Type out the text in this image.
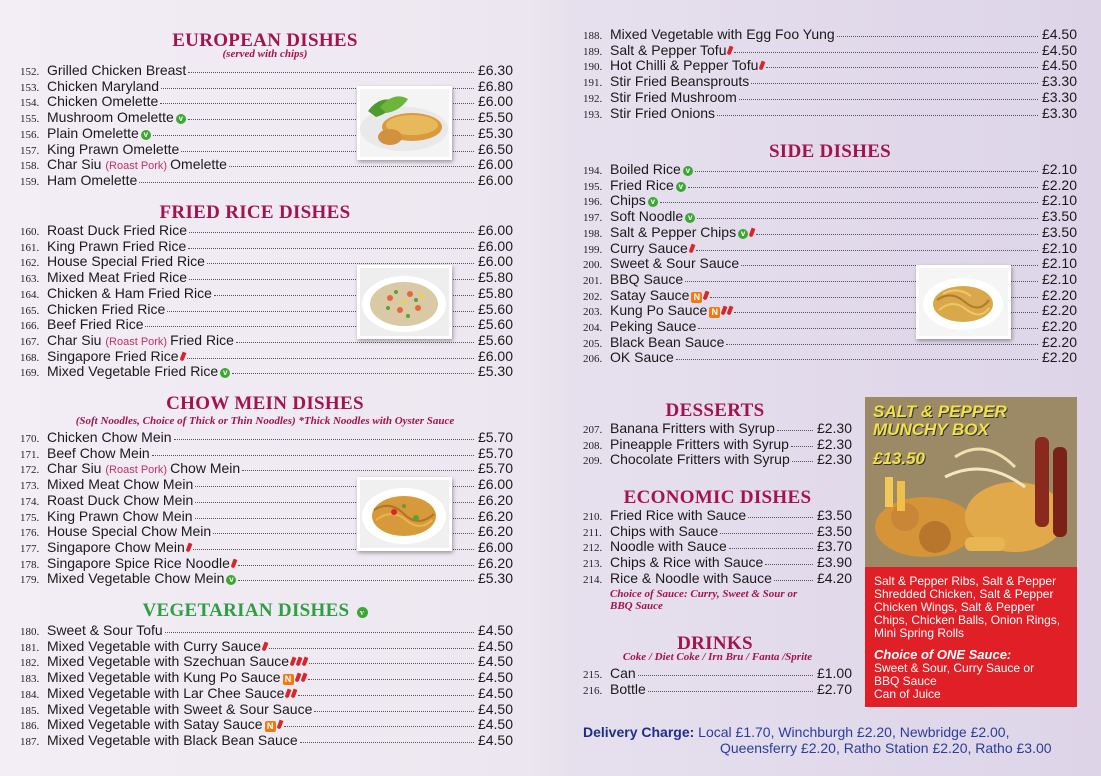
EUROPEAN DISHES
(served with chips)
152. Grilled Chicken Breast	£6.30
153. Chicken Maryland	£6.80
154. Chicken Omelette	£6.00
155. Mushroom Omelette v	£5.50
156. Plain Omelette v	£5.30
157. King Prawn Omelette	£6.50
158. Char Siu (Roast Pork) Omelette	£6.00
159. Ham Omelette	£6.00
FRIED RICE DISHES
160. Roast Duck Fried Rice	£6.00
161. King Prawn Fried Rice	£6.00
162. House Special Fried Rice	£6.00
163. Mixed Meat Fried Rice	£5.80
164. Chicken & Ham Fried Rice	£5.80
165. Chicken Fried Rice	£5.60
166. Beef Fried Rice	£5.60
167. Char Siu (Roast Pork) Fried Rice	£5.60
168. Singapore Fried Rice	£6.00
169. Mixed Vegetable Fried Rice v	£5.30
CHOW MEIN DISHES
(Soft Noodles, Choice of Thick or Thin Noodles) *Thick Noodles with Oyster Sauce
170. Chicken Chow Mein	£5.70
171. Beef Chow Mein	£5.70
172. Char Siu (Roast Pork) Chow Mein	£5.70
173. Mixed Meat Chow Mein	£6.00
174. Roast Duck Chow Mein	£6.20
175. King Prawn Chow Mein	£6.20
176. House Special Chow Mein	£6.20
177. Singapore Chow Mein	£6.00
178. Singapore Spice Rice Noodle	£6.20
179. Mixed Vegetable Chow Mein v	£5.30
VEGETARIAN DISHES v
180. Sweet & Sour Tofu	£4.50
181. Mixed Vegetable with Curry Sauce	£4.50
182. Mixed Vegetable with Szechuan Sauce	£4.50
183. Mixed Vegetable with Kung Po Sauce N	£4.50
184. Mixed Vegetable with Lar Chee Sauce	£4.50
185. Mixed Vegetable with Sweet & Sour Sauce	£4.50
186. Mixed Vegetable with Satay Sauce N	£4.50
187. Mixed Vegetable with Black Bean Sauce	£4.50
188. Mixed Vegetable with Egg Foo Yung	£4.50
189. Salt & Pepper Tofu	£4.50
190. Hot Chilli & Pepper Tofu	£4.50
191. Stir Fried Beansprouts	£3.30
192. Stir Fried Mushroom	£3.30
193. Stir Fried Onions	£3.30
SIDE DISHES
194. Boiled Rice v	£2.10
195. Fried Rice v	£2.20
196. Chips v	£2.10
197. Soft Noodle v	£3.50
198. Salt & Pepper Chips v	£3.50
199. Curry Sauce	£2.10
200. Sweet & Sour Sauce	£2.10
201. BBQ Sauce	£2.10
202. Satay Sauce N	£2.20
203. Kung Po Sauce N	£2.20
204. Peking Sauce	£2.20
205. Black Bean Sauce	£2.20
206. OK Sauce	£2.20
DESSERTS
207. Banana Fritters with Syrup	£2.30
208. Pineapple Fritters with Syrup £2.30
209. Chocolate Fritters with Syrup £2.30
ECONOMIC DISHES
210. Fried Rice with Sauce	£3.50
211. Chips with Sauce	£3.50
212. Noodle with Sauce	£3.70
213. Chips & Rice with Sauce	£3.90
214. Rice & Noodle with Sauce	£4.20
Choice of Sauce: Curry, Sweet & Sour or BBQ Sauce
DRINKS
Coke / Diet Coke / Irn Bru / Fanta /Sprite
215. Can	£1.00
216. Bottle	£2.70
SALT & PEPPER
MUNCHY BOX
£13.50
Salt & Pepper Ribs, Salt & Pepper Shredded Chicken, Salt & Pepper Chicken Wings, Salt & Pepper Chips, Chicken Balls, Onion Rings, Mini Spring Rolls
Choice of ONE Sauce:
Sweet & Sour, Curry Sauce or
BBQ Sauce
Can of Juice
Delivery Charge: Local £1.70, Winchburgh £2.20, Newbridge £2.00,
Queensferry £2.20, Ratho Station £2.20, Ratho £3.00
